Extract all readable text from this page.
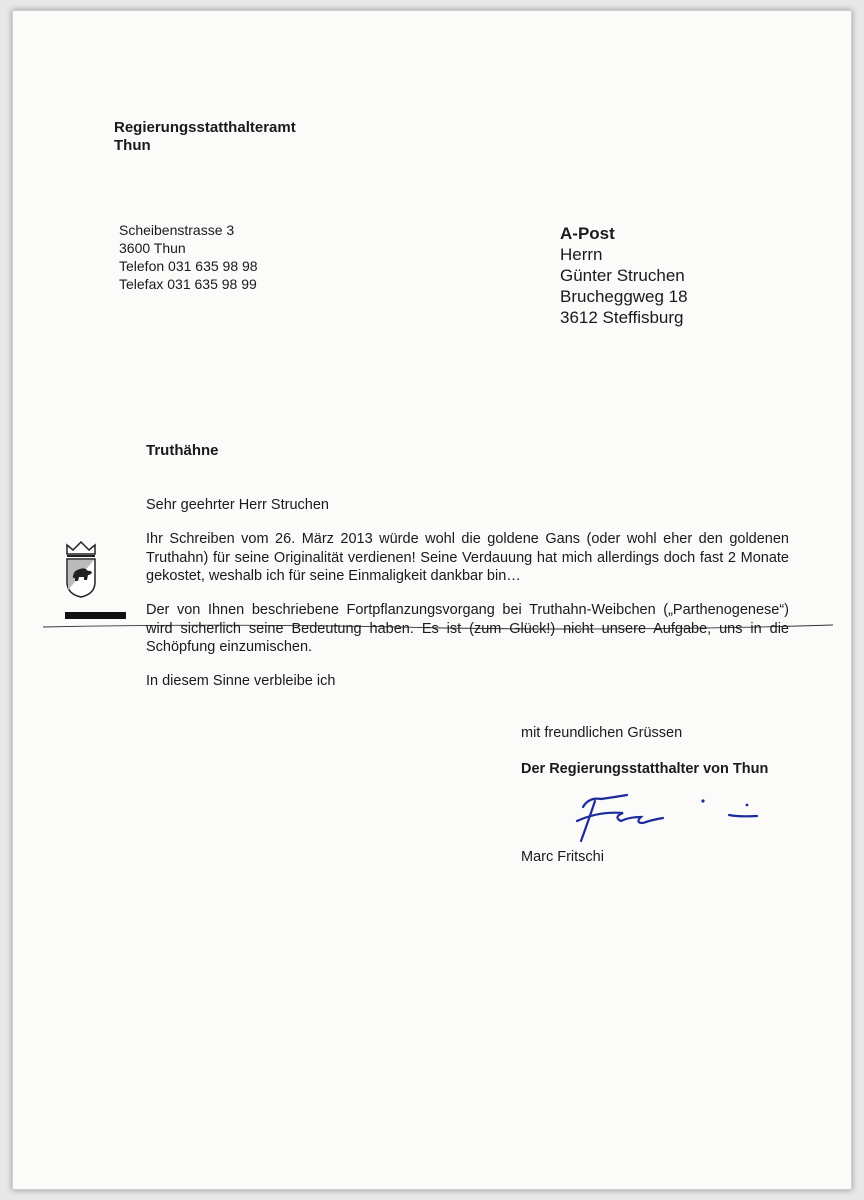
Regierungsstatthalteramt
Thun
Scheibenstrasse 3
3600 Thun
Telefon 031 635 98 98
Telefax 031 635 98 99
A-Post
Herrn
Günter Struchen
Brucheggweg 18
3612 Steffisburg
Truthähne
Sehr geehrter Herr Struchen
Ihr Schreiben vom 26. März 2013 würde wohl die goldene Gans (oder wohl eher den goldenen Truthahn) für seine Originalität verdienen! Seine Verdauung hat mich allerdings doch fast 2 Monate gekostet, weshalb ich für seine Einmaligkeit dankbar bin…
Der von Ihnen beschriebene Fortpflanzungsvorgang bei Truthahn-Weibchen („Parthenogenese“) wird sicherlich seine Bedeutung haben. Es ist (zum Glück!) nicht unsere Aufgabe, uns in die Schöpfung einzumischen.
In diesem Sinne verbleibe ich
mit freundlichen Grüssen
Der Regierungsstatthalter von Thun
Marc Fritschi
